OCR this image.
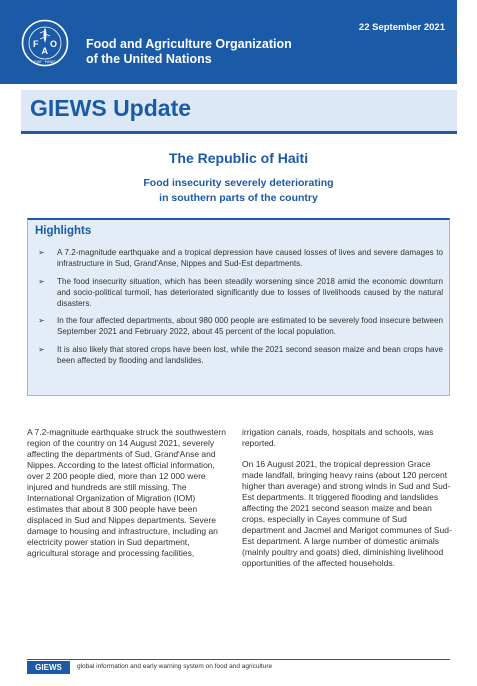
F
A
O
FIAT · PANIS
Food and Agriculture Organization
of the United Nations
22 September 2021 ISSN 2707-1723
GIEWS Update
The Republic of Haiti
Food insecurity severely deteriorating
in southern parts of the country
Highlights
➢ A 7.2-magnitude earthquake and a tropical depression have caused losses of lives and severe damages to infrastructure in Sud, Grand'Anse, Nippes and Sud-Est departments.
➢ The food insecurity situation, which has been steadily worsening since 2018 amid the economic downturn and socio-political turmoil, has deteriorated significantly due to losses of livelihoods caused by the natural disasters.
➢ In the four affected departments, about 980 000 people are estimated to be severely food insecure between September 2021 and February 2022, about 45 percent of the local population.
➢ It is also likely that stored crops have been lost, while the 2021 second season maize and bean crops have been affected by flooding and landslides.

A 7.2-magnitude earthquake struck the southwestern region of the country on 14 August 2021, severely affecting the departments of Sud, Grand'Anse and Nippes. According to the latest official information, over 2 200 people died, more than 12 000 were injured and hundreds are still missing. The International Organization of Migration (IOM) estimates that about 8 300 people have been displaced in Sud and Nippes departments. Severe damage to housing and infrastructure, including an electricity power station in Sud department, agricultural storage and processing facilities,

irrigation canals, roads, hospitals and schools, was reported.

On 16 August 2021, the tropical depression Grace made landfall, bringing heavy rains (about 120 percent higher than average) and strong winds in Sud and Sud-Est departments. It triggered flooding and landslides affecting the 2021 second season maize and bean crops, especially in Cayes commune of Sud department and Jacmel and Marigot communes of Sud-Est department. A large number of domestic animals (mainly poultry and goats) died, diminishing livelihood opportunities of the affected households.

GIEWS	global information and early warning system on food and agriculture
